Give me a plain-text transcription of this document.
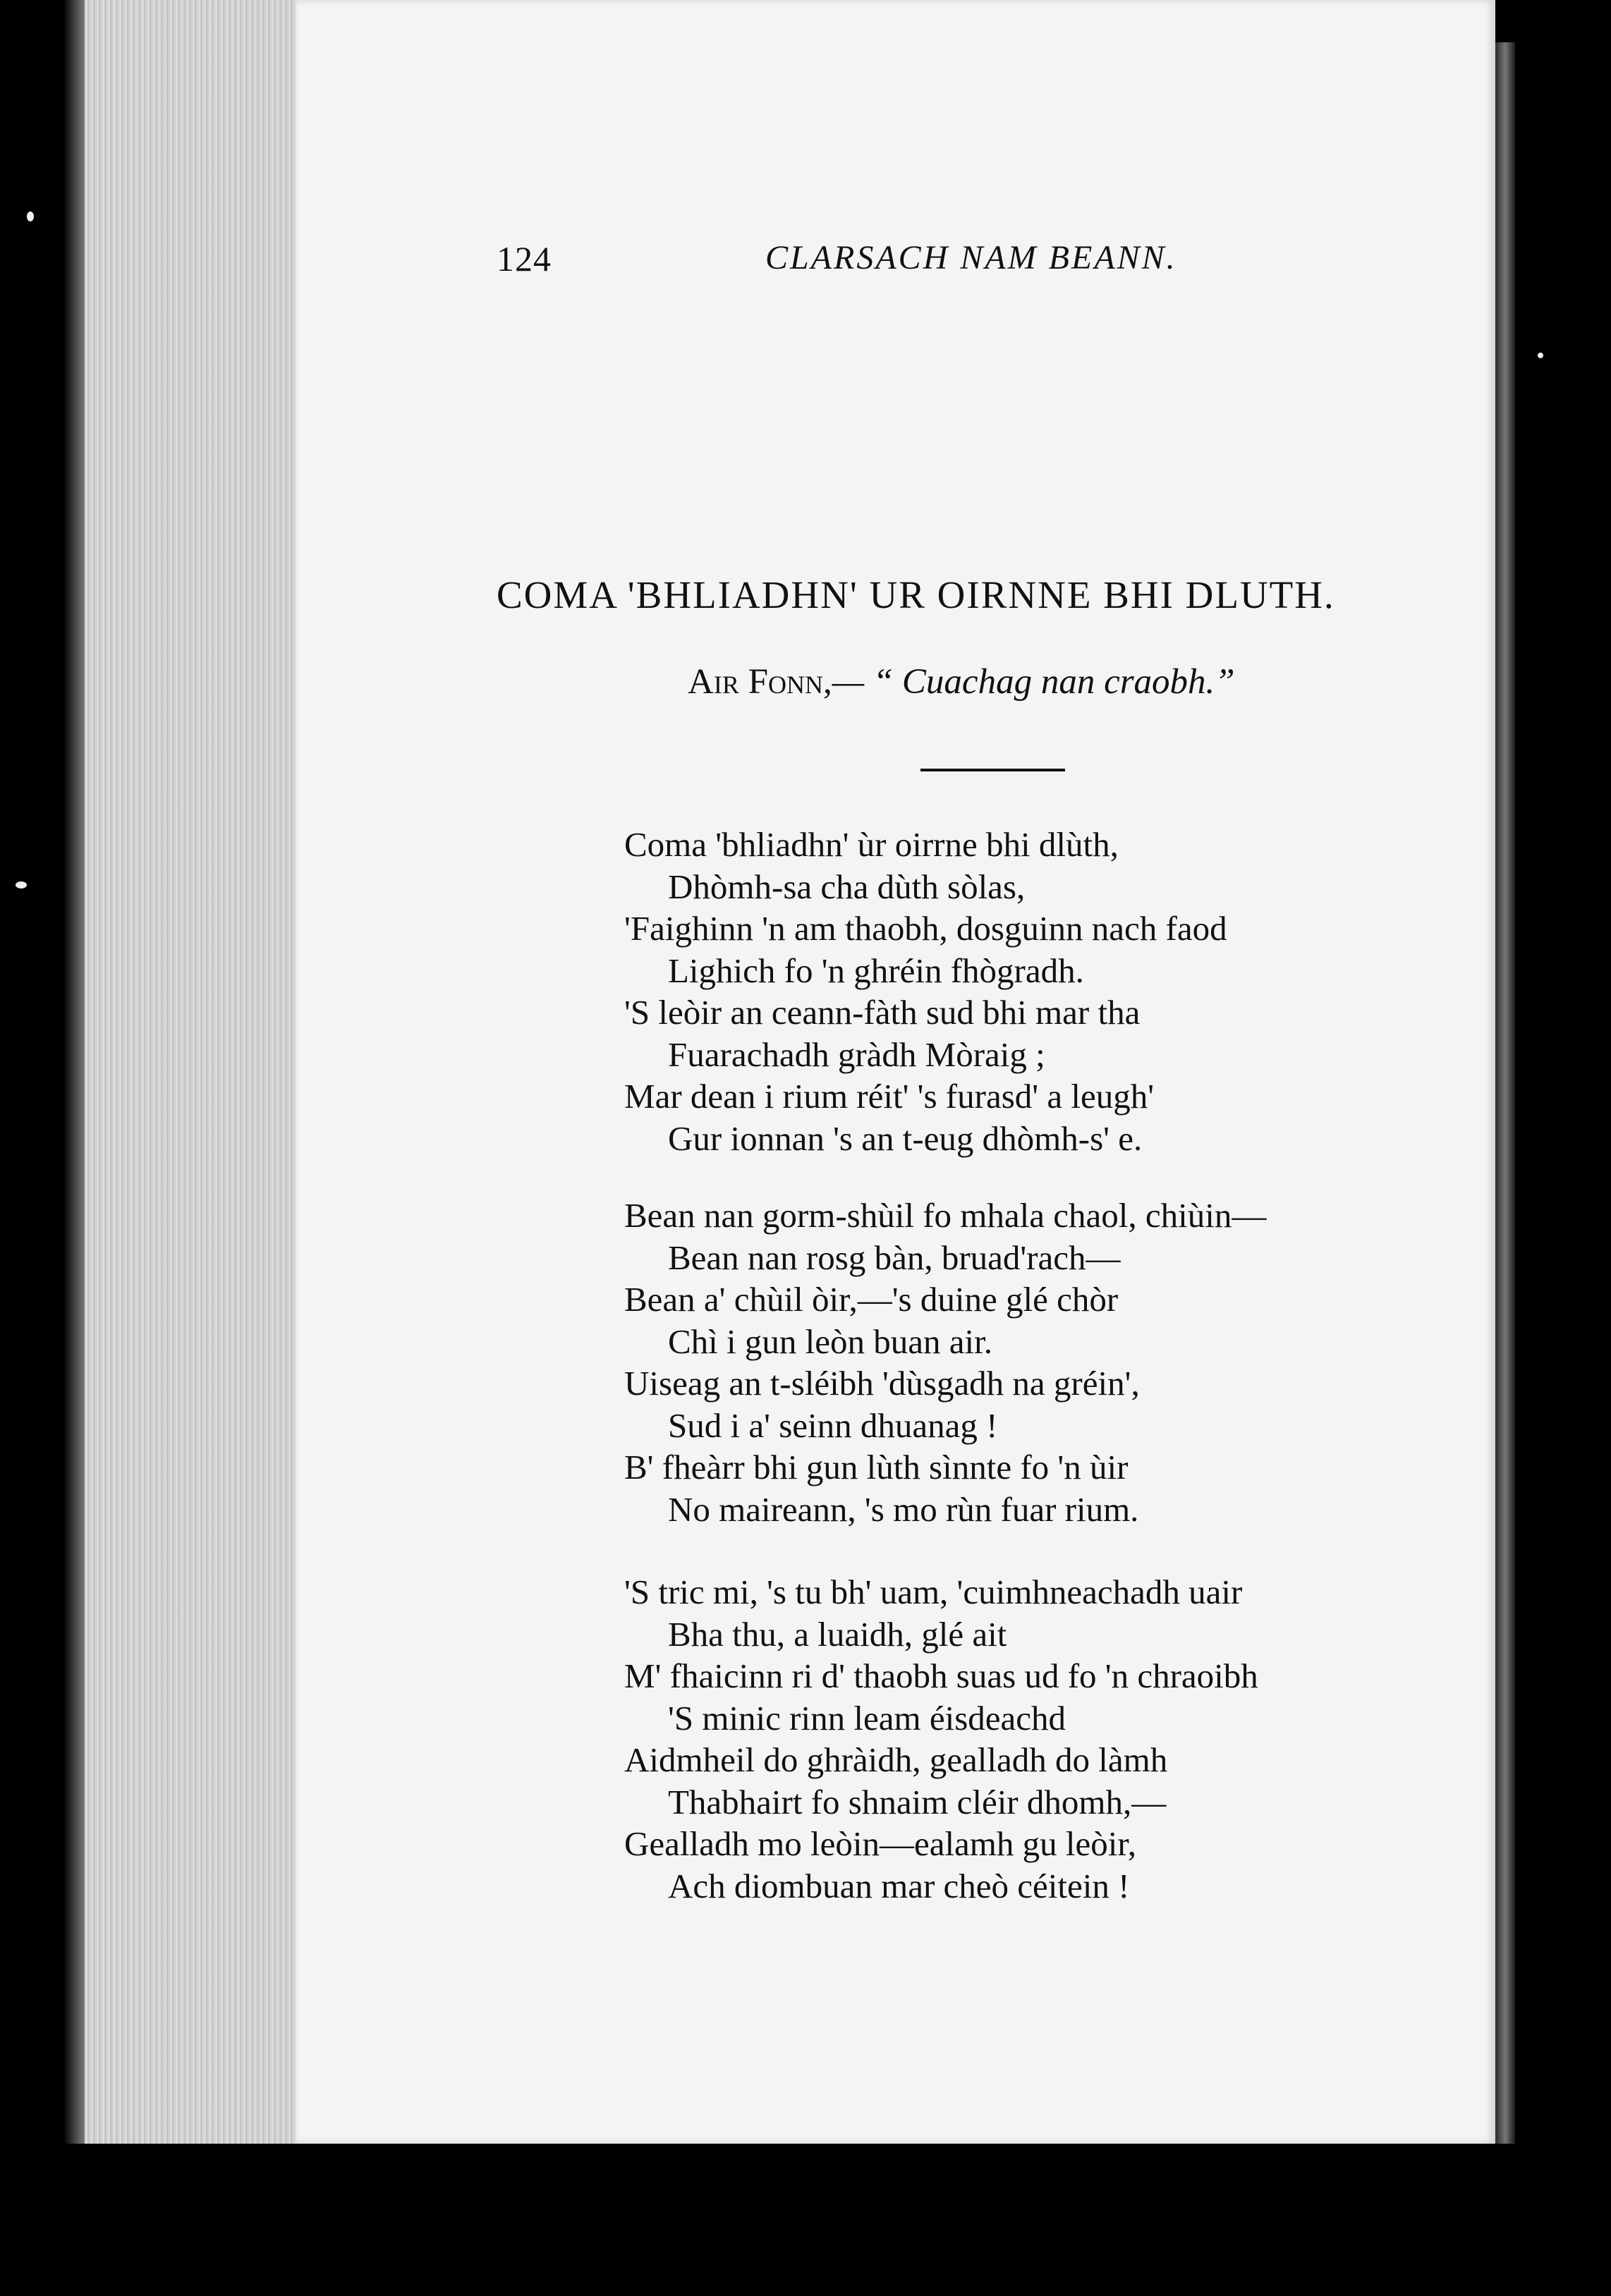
124	CLARSACH NAM BEANN.
COMA 'BHLIADHN' UR OIRNNE BHI DLUTH.
Air Fonn,— “ Cuachag nan craobh.”
Coma 'bhliadhn' ùr oirrne bhi dlùth,
Dhòmh-sa cha dùth sòlas,
'Faighinn 'n am thaobh, dosguinn nach faod
Lighich fo 'n ghréin fhògradh.
'S leòir an ceann-fàth sud bhi mar tha
Fuarachadh gràdh Mòraig ;
Mar dean i rium réit' 's furasd' a leugh'
Gur ionnan 's an t-eug dhòmh-s' e.
Bean nan gorm-shùil fo mhala chaol, chiùin—
Bean nan rosg bàn, bruad'rach—
Bean a' chùil òir,—'s duine glé chòr
Chì i gun leòn buan air.
Uiseag an t-sléibh 'dùsgadh na gréin',
Sud i a' seinn dhuanag !
B' fheàrr bhi gun lùth sìnnte fo 'n ùir
No maireann, 's mo rùn fuar rium.
'S tric mi, 's tu bh' uam, 'cuimhneachadh uair
Bha thu, a luaidh, glé ait
M' fhaicinn ri d' thaobh suas ud fo 'n chraoibh
'S minic rinn leam éisdeachd
Aidmheil do ghràidh, gealladh do làmh
Thabhairt fo shnaim cléir dhomh,—
Gealladh mo leòin—ealamh gu leòir,
Ach diombuan mar cheò céitein !
